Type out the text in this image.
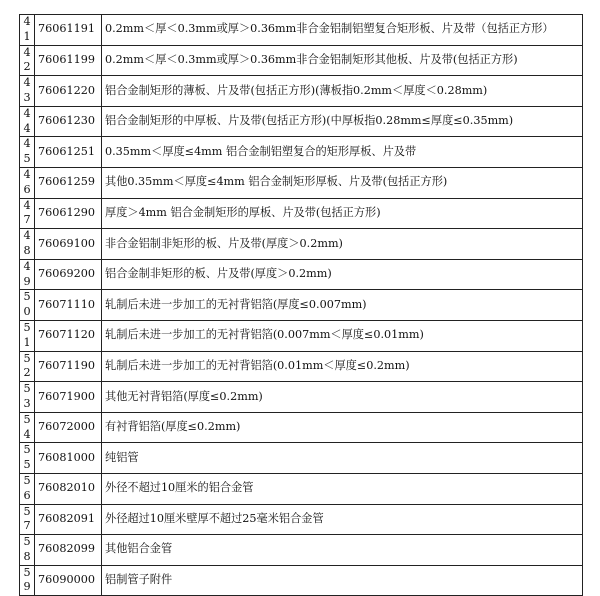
41	76061191	0.2mm＜厚＜0.3mm或厚＞0.36mm非合金铝制铝塑复合矩形板、片及带（包括正方形）
42	76061199	0.2mm＜厚＜0.3mm或厚＞0.36mm非合金铝制矩形其他板、片及带(包括正方形)
43	76061220	铝合金制矩形的薄板、片及带(包括正方形)(薄板指0.2mm＜厚度＜0.28mm)
44	76061230	铝合金制矩形的中厚板、片及带(包括正方形)(中厚板指0.28mm≤厚度≤0.35mm)
45	76061251	0.35mm＜厚度≤4mm 铝合金制铝塑复合的矩形厚板、片及带
46	76061259	其他0.35mm＜厚度≤4mm 铝合金制矩形厚板、片及带(包括正方形)
47	76061290	厚度＞4mm 铝合金制矩形的厚板、片及带(包括正方形)
48	76069100	非合金铝制非矩形的板、片及带(厚度＞0.2mm)
49	76069200	铝合金制非矩形的板、片及带(厚度＞0.2mm)
50	76071110	轧制后未进一步加工的无衬背铝箔(厚度≤0.007mm)
51	76071120	轧制后未进一步加工的无衬背铝箔(0.007mm＜厚度≤0.01mm)
52	76071190	轧制后未进一步加工的无衬背铝箔(0.01mm＜厚度≤0.2mm)
53	76071900	其他无衬背铝箔(厚度≤0.2mm)
54	76072000	有衬背铝箔(厚度≤0.2mm)
55	76081000	纯铝管
56	76082010	外径不超过10厘米的铝合金管
57	76082091	外径超过10厘米壁厚不超过25毫米铝合金管
58	76082099	其他铝合金管
59	76090000	铝制管子附件
